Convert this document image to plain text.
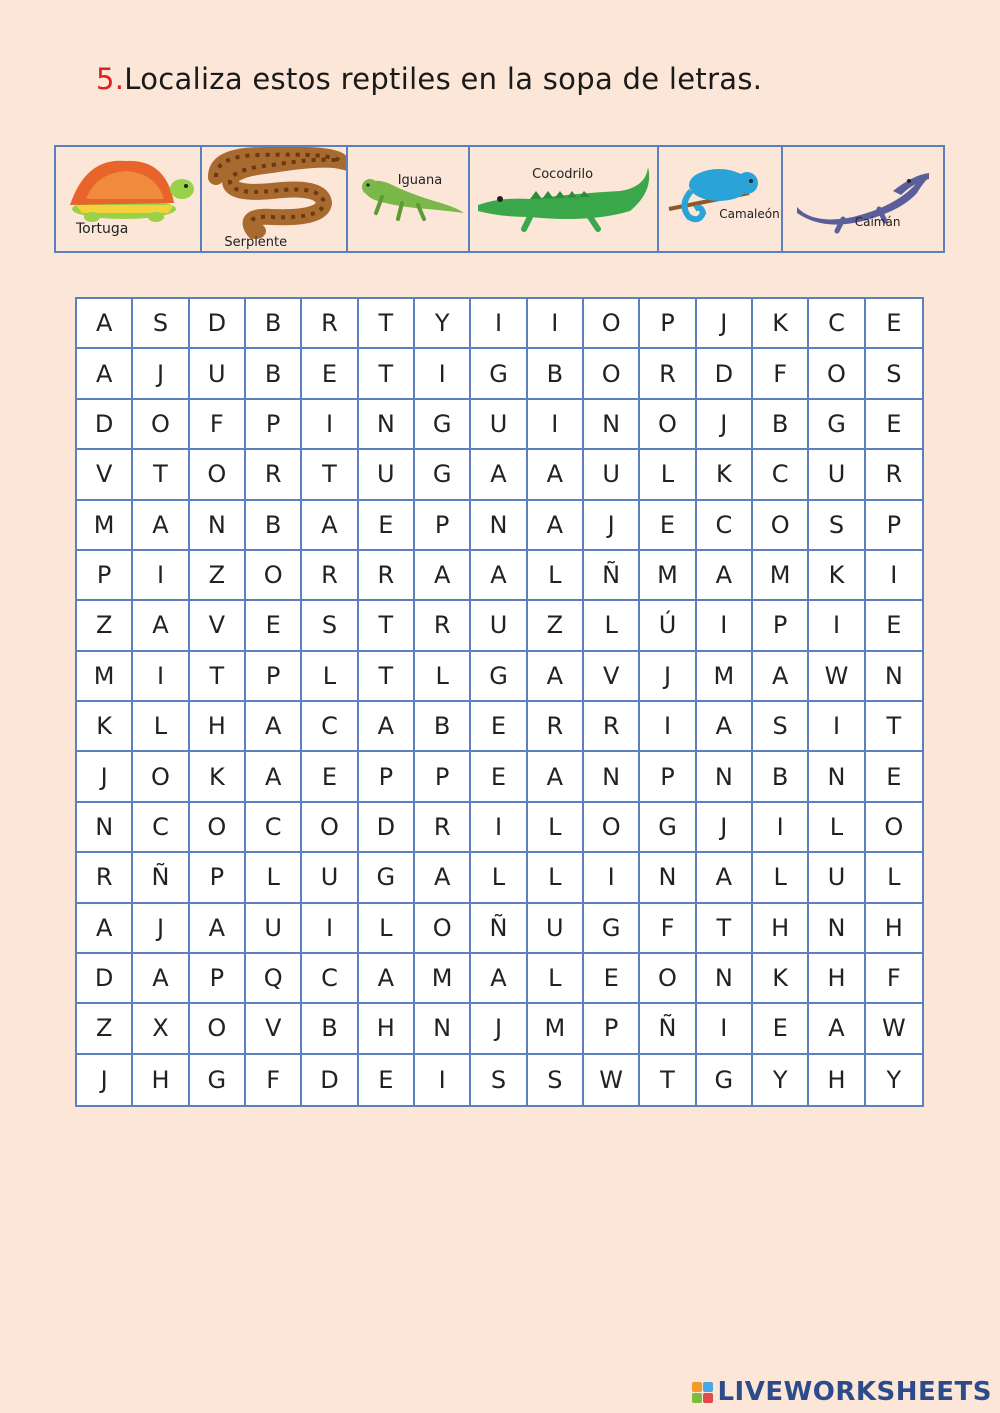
5.Localiza estos reptiles en la sopa de letras.
Tortuga
Serpiente
Iguana	Cocodrilo
Camaleón
Caimán
A	S	D	B	R	T	Y	I	I	O	P	J	K	C	E
A	J	U	B	E	T	I	G	B	O	R	D	F	O	S
D	O	F	P	I	N	G	U	I	N	O	J	B	G	E
V	T	O	R	T	U	G	A	A	U	L	K	C	U	R
M	A	N	B	A	E	P	N	A	J	E	C	O	S	P
P	I	Z	O	R	R	A	A	L	Ñ	M	A	M	K	I
Z	A	V	E	S	T	R	U	Z	L	Ú	I	P	I	E
M	I	T	P	L	T	L	G	A	V	J	M	A	W	N
K	L	H	A	C	A	B	E	R	R	I	A	S	I	T
J	O	K	A	E	P	P	E	A	N	P	N	B	N	E
N	C	O	C	O	D	R	I	L	O	G	J	I	L	O
R	Ñ	P	L	U	G	A	L	L	I	N	A	L	U	L
A	J	A	U	I	L	O	Ñ	U	G	F	T	H	N	H
D	A	P	Q	C	A	M	A	L	E	O	N	K	H	F
Z	X	O	V	B	H	N	J	M	P	Ñ	I	E	A	W
J	H	G	F	D	E	I	S	S	W	T	G	Y	H	Y
LIVEWORKSHEETS
